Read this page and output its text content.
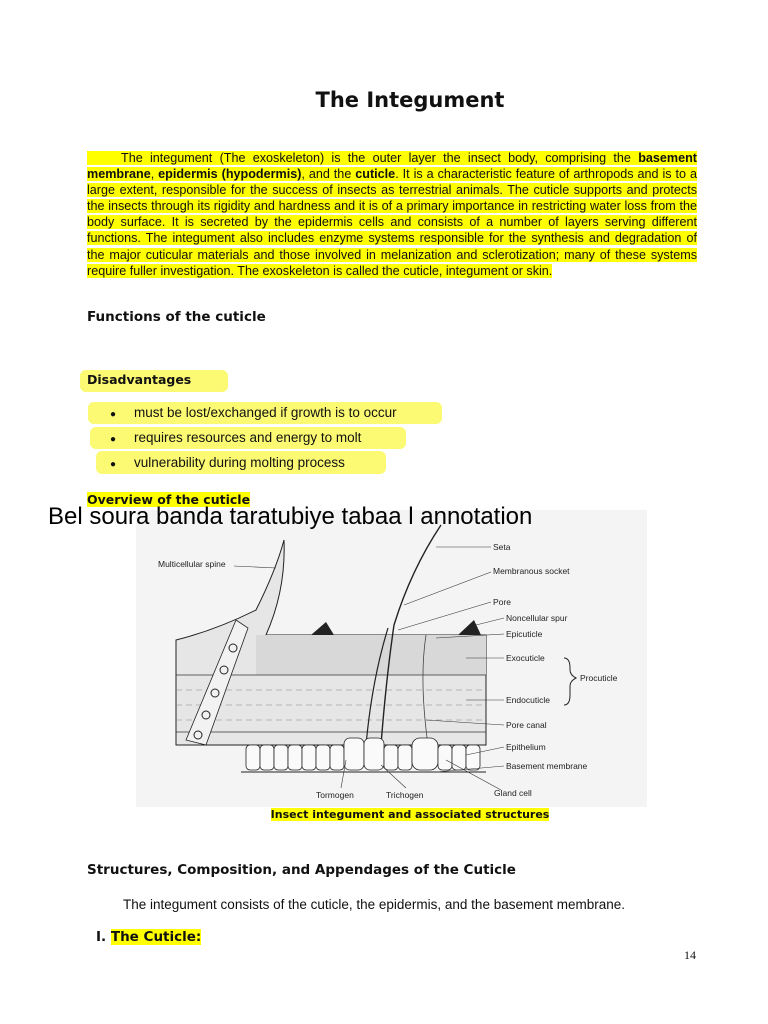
The Integument
The integument (The exoskeleton) is the outer layer the insect body, comprising the basement membrane, epidermis (hypodermis), and the cuticle. It is a characteristic feature of arthropods and is to a large extent, responsible for the success of insects as terrestrial animals. The cuticle supports and protects the insects through its rigidity and hardness and it is of a primary importance in restricting water loss from the body surface. It is secreted by the epidermis cells and consists of a number of layers serving different functions. The integument also includes enzyme systems responsible for the synthesis and degradation of the major cuticular materials and those involved in melanization and sclerotization; many of these systems require fuller investigation. The exoskeleton is called the cuticle, integument or skin.
Functions of the cuticle
Disadvantages
● must be lost/exchanged if growth is to occur
● requires resources and energy to molt
● vulnerability during molting process
Overview of the cuticle
Multicellular spine
Seta
Membranous socket
Pore
Noncellular spur
Epicuticle
Exocuticle
Procuticle
Endocuticle
Pore canal
Epithelium
Basement membrane
Tormogen	Trichogen	Gland cell
Bel soura banda taratubiye tabaa l annotation
Insect integument and associated structures
Structures, Composition, and Appendages of the Cuticle
The integument consists of the cuticle, the epidermis, and the basement membrane.
I. The Cuticle:
14
